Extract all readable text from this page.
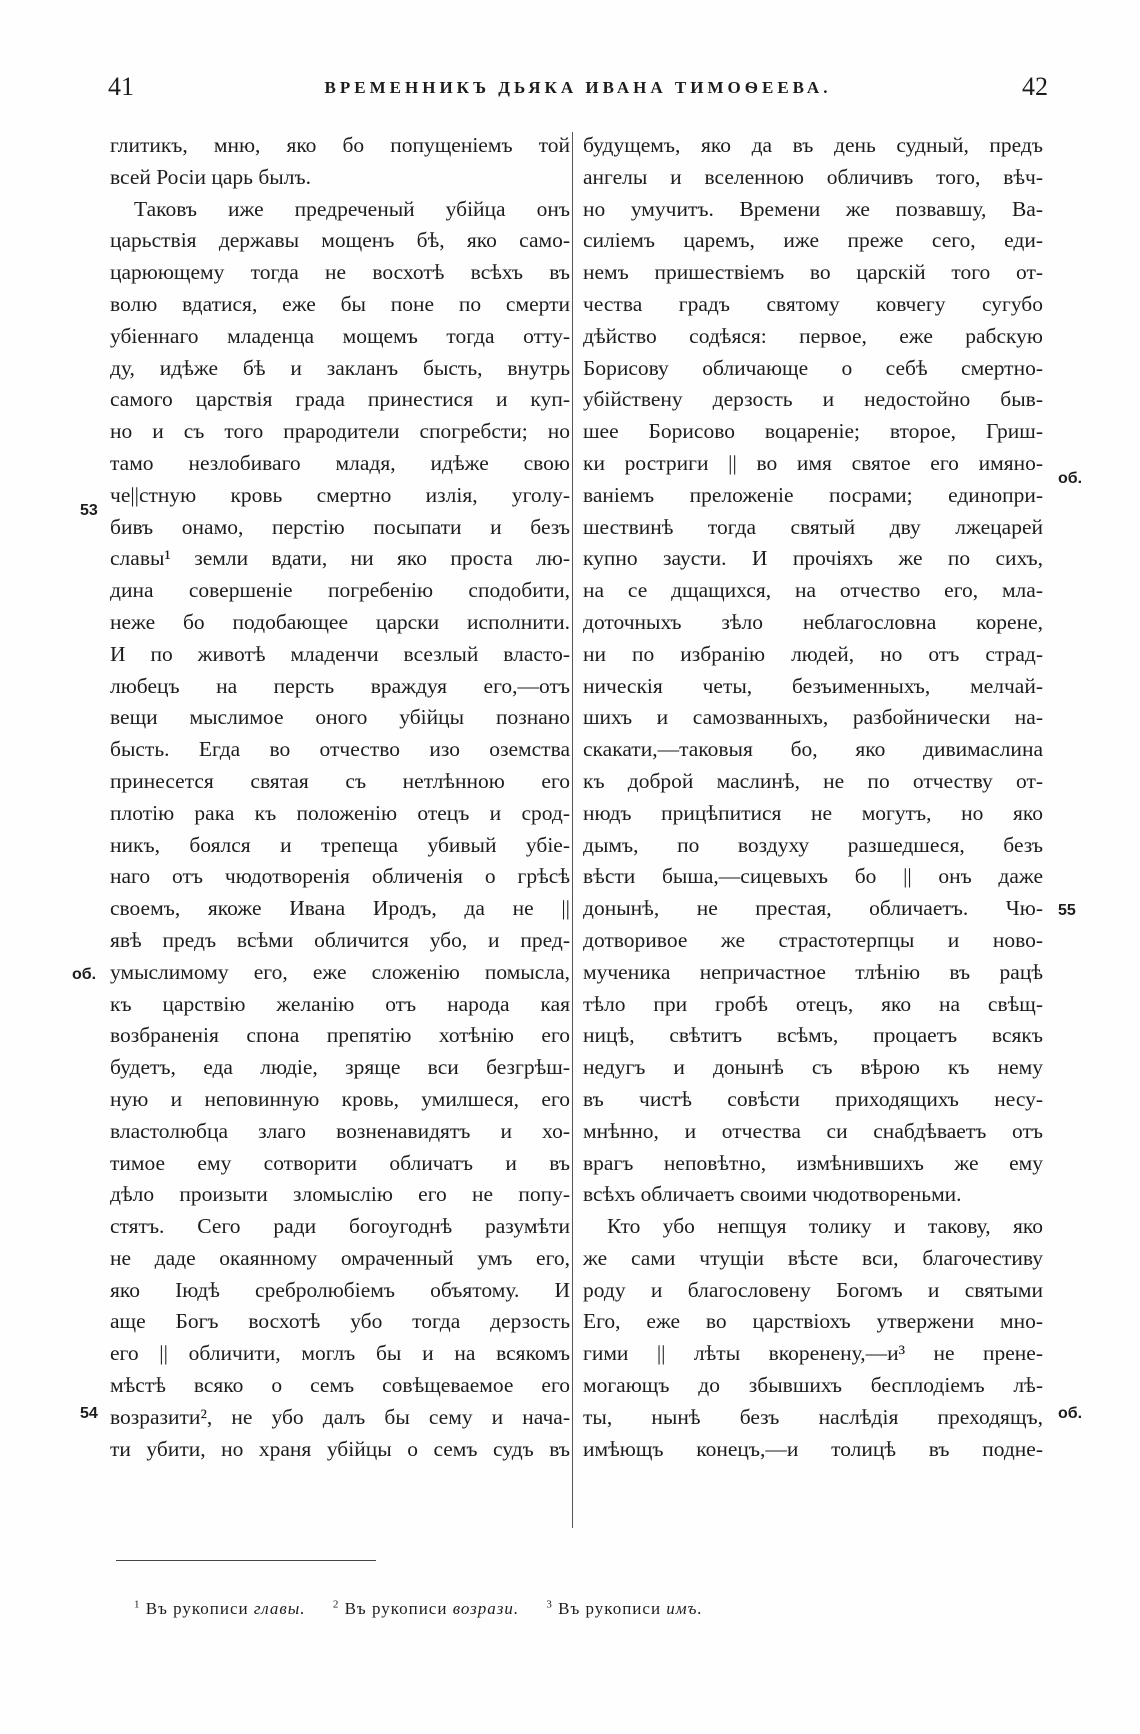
41	ВРЕМЕННИКЪ ДЬЯКА ИВАНА ТИМОѲЕЕВА.	42
глитикъ, мню, яко бо попущеніемъ той
всей Росіи царь былъ.
Таковъ иже предреченый убійца онъ
царьствія державы мощенъ бѣ, яко само-
царюющему тогда не восхотѣ всѣхъ въ
волю вдатися, еже бы поне по смерти
убіеннаго младенца мощемъ тогда отту-
ду, идѣже бѣ и закланъ бысть, внутрь
самого царствія града принестися и куп-
но и съ того прародители спогребсти; но
тамо незлобиваго младя, идѣже свою
че||стную кровь смертно излія, уголу-
бивъ онамо, перстію посыпати и безъ
славы¹ земли вдати, ни яко проста лю-
дина совершеніе погребенію сподобити,
неже бо подобающее царски исполнити.
И по животѣ младенчи всезлый власто-
любецъ на персть враждуя его,—отъ
вещи мыслимое оного убійцы познано
бысть. Егда во отчество изо оземства
принесется святая съ нетлѣнною его
плотію рака къ положенію отецъ и срод-
никъ, боялся и трепеща убивый убіе-
наго отъ чюдотворенія обличенія о грѣсѣ
своемъ, якоже Ивана Иродъ, да не ||
явѣ предъ всѣми обличится убо, и пред-
умыслимому его, еже сложенію помысла,
къ царствію желанію отъ народа кая
возбраненія спона препятію хотѣнію его
будетъ, еда людіе, зряще вси безгрѣш-
ную и неповинную кровь, умилшеся, его
властолюбца злаго возненавидятъ и хо-
тимое ему сотворити обличатъ и въ
дѣло произыти зломыслію его не попу-
стятъ. Сего ради богоугоднѣ разумѣти
не даде окаянному омраченный умъ его,
яко Іюдѣ сребролюбіемъ объятому. И
аще Богъ восхотѣ убо тогда дерзость
его || обличити, моглъ бы и на всякомъ
мѣстѣ всяко о семъ совѣщеваемое его
возразити², не убо далъ бы сему и нача-
ти убити, но храня убійцы о семъ судъ въ
будущемъ, яко да въ день судный, предъ
ангелы и вселенною обличивъ того, вѣч-
но умучитъ. Времени же позвавшу, Ва-
силіемъ царемъ, иже преже сего, еди-
немъ пришествіемъ во царскій того от-
чества градъ святому ковчегу сугубо
дѣйство содѣяся: первое, еже рабскую
Борисову обличающе о себѣ смертно-
убійствену дерзость и недостойно быв-
шее Борисово воцареніе; второе, Гриш-
ки ростриги || во имя святое его имяно-
ваніемъ преложеніе посрами; единопри-
шествинѣ тогда святый дву лжецарей
купно заусти. И прочіяхъ же по сихъ,
на се дщащихся, на отчество его, мла-
доточныхъ зѣло неблагословна корене,
ни по избранію людей, но отъ страд-
ническія четы, безъименныхъ, мелчай-
шихъ и самозванныхъ, разбойнически на-
скакати,—таковыя бо, яко дивимаслина
къ доброй маслинѣ, не по отчеству от-
нюдъ прицѣпитися не могутъ, но яко
дымъ, по воздуху разшедшеся, безъ
вѣсти быша,—сицевыхъ бо || онъ даже
донынѣ, не престая, обличаетъ. Чю-
дотворивое же страстотерпцы и ново-
мученика непричастное тлѣнію въ рацѣ
тѣло при гробѣ отецъ, яко на свѣщ-
ницѣ, свѣтитъ всѣмъ, процаетъ всякъ
недугъ и донынѣ съ вѣрою къ нему
въ чистѣ совѣсти приходящихъ несу-
мнѣнно, и отчества си снабдѣваетъ отъ
врагъ неповѣтно, измѣнившихъ же ему
всѣхъ обличаетъ своими чюдотвореньми.
Кто убо непщуя толику и такову, яко
же сами чтущіи вѣсте вси, благочестиву
роду и благословену Богомъ и святыми
Его, еже во царствіохъ утвержени мно-
гими || лѣты вкоренену,—и³ не прене-
могающъ до збывшихъ бесплодіемъ лѣ-
ты, нынѣ безъ наслѣдія преходящъ,
имѣющъ конецъ,—и толицѣ въ подне-
53
об.
54
об.
55
об.
$^1$ Въ рукописи главы. $^2$ Въ рукописи возрази. $^3$ Въ рукописи имъ.
